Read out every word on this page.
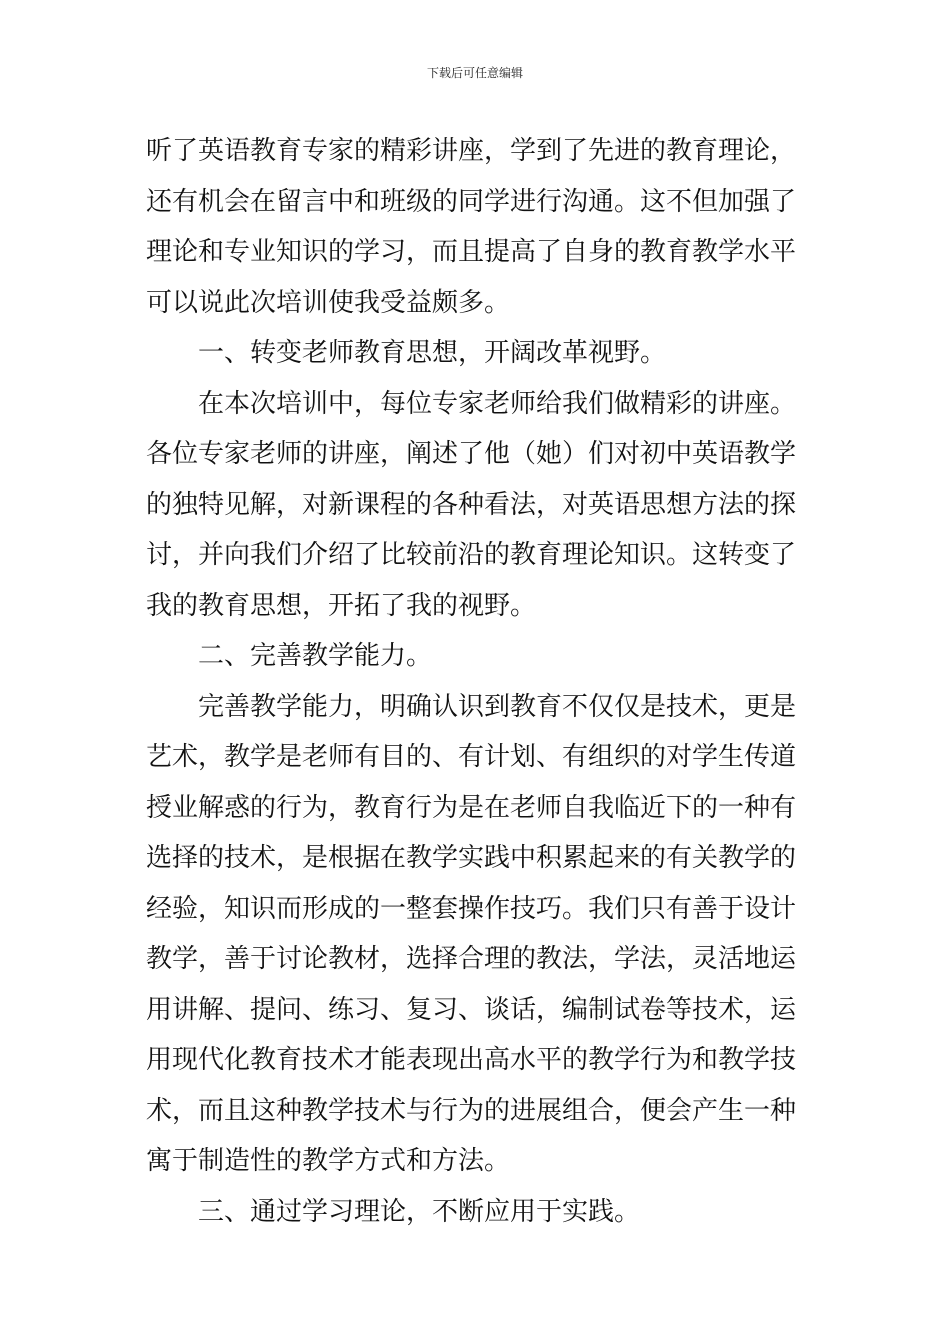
下载后可任意编辑
听了英语教育专家的精彩讲座，学到了先进的教育理论，
还有机会在留言中和班级的同学进行沟通。这不但加强了
理论和专业知识的学习，而且提高了自身的教育教学水平
可以说此次培训使我受益颇多。
一、转变老师教育思想，开阔改革视野。
在本次培训中，每位专家老师给我们做精彩的讲座。
各位专家老师的讲座，阐述了他（她）们对初中英语教学
的独特见解，对新课程的各种看法，对英语思想方法的探
讨，并向我们介绍了比较前沿的教育理论知识。这转变了
我的教育思想，开拓了我的视野。
二、完善教学能力。
完善教学能力，明确认识到教育不仅仅是技术，更是
艺术，教学是老师有目的、有计划、有组织的对学生传道
授业解惑的行为，教育行为是在老师自我临近下的一种有
选择的技术，是根据在教学实践中积累起来的有关教学的
经验，知识而形成的一整套操作技巧。我们只有善于设计
教学，善于讨论教材，选择合理的教法，学法，灵活地运
用讲解、提问、练习、复习、谈话，编制试卷等技术，运
用现代化教育技术才能表现出高水平的教学行为和教学技
术，而且这种教学技术与行为的进展组合，便会产生一种
寓于制造性的教学方式和方法。
三、通过学习理论，不断应用于实践。
